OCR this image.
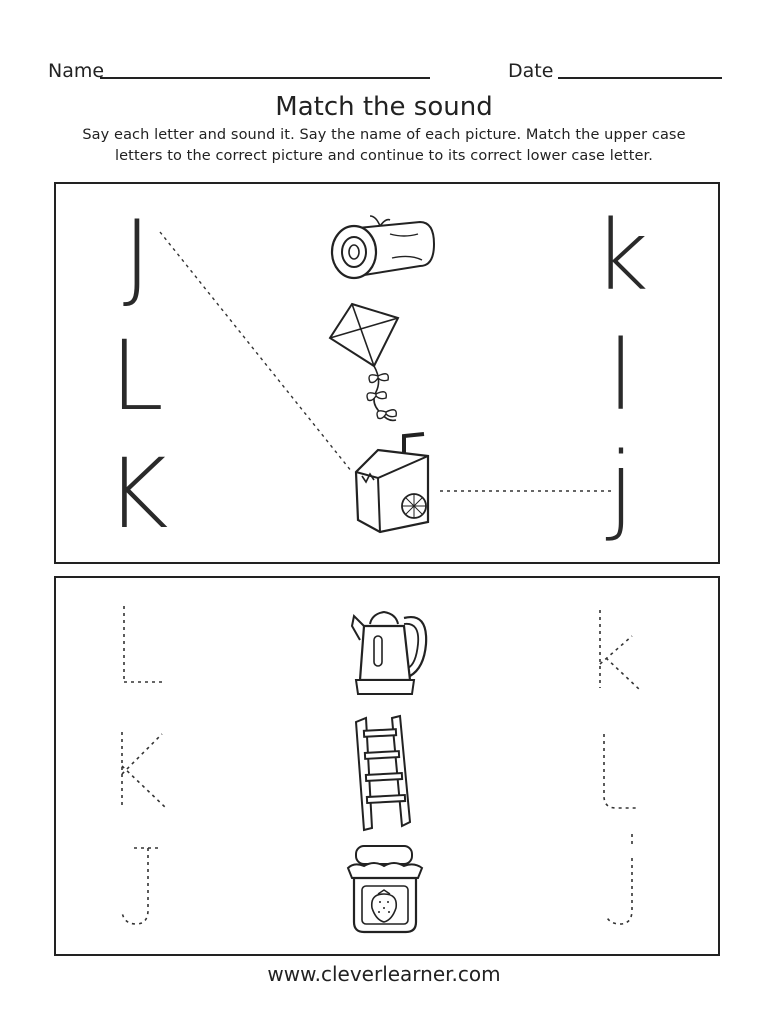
Name	Date
Match the sound
Say each letter and sound it. Say the name of each picture. Match the upper case
letters to the correct picture and continue to its correct lower case letter.
J
L
K
k
l
j
www.cleverlearner.com
